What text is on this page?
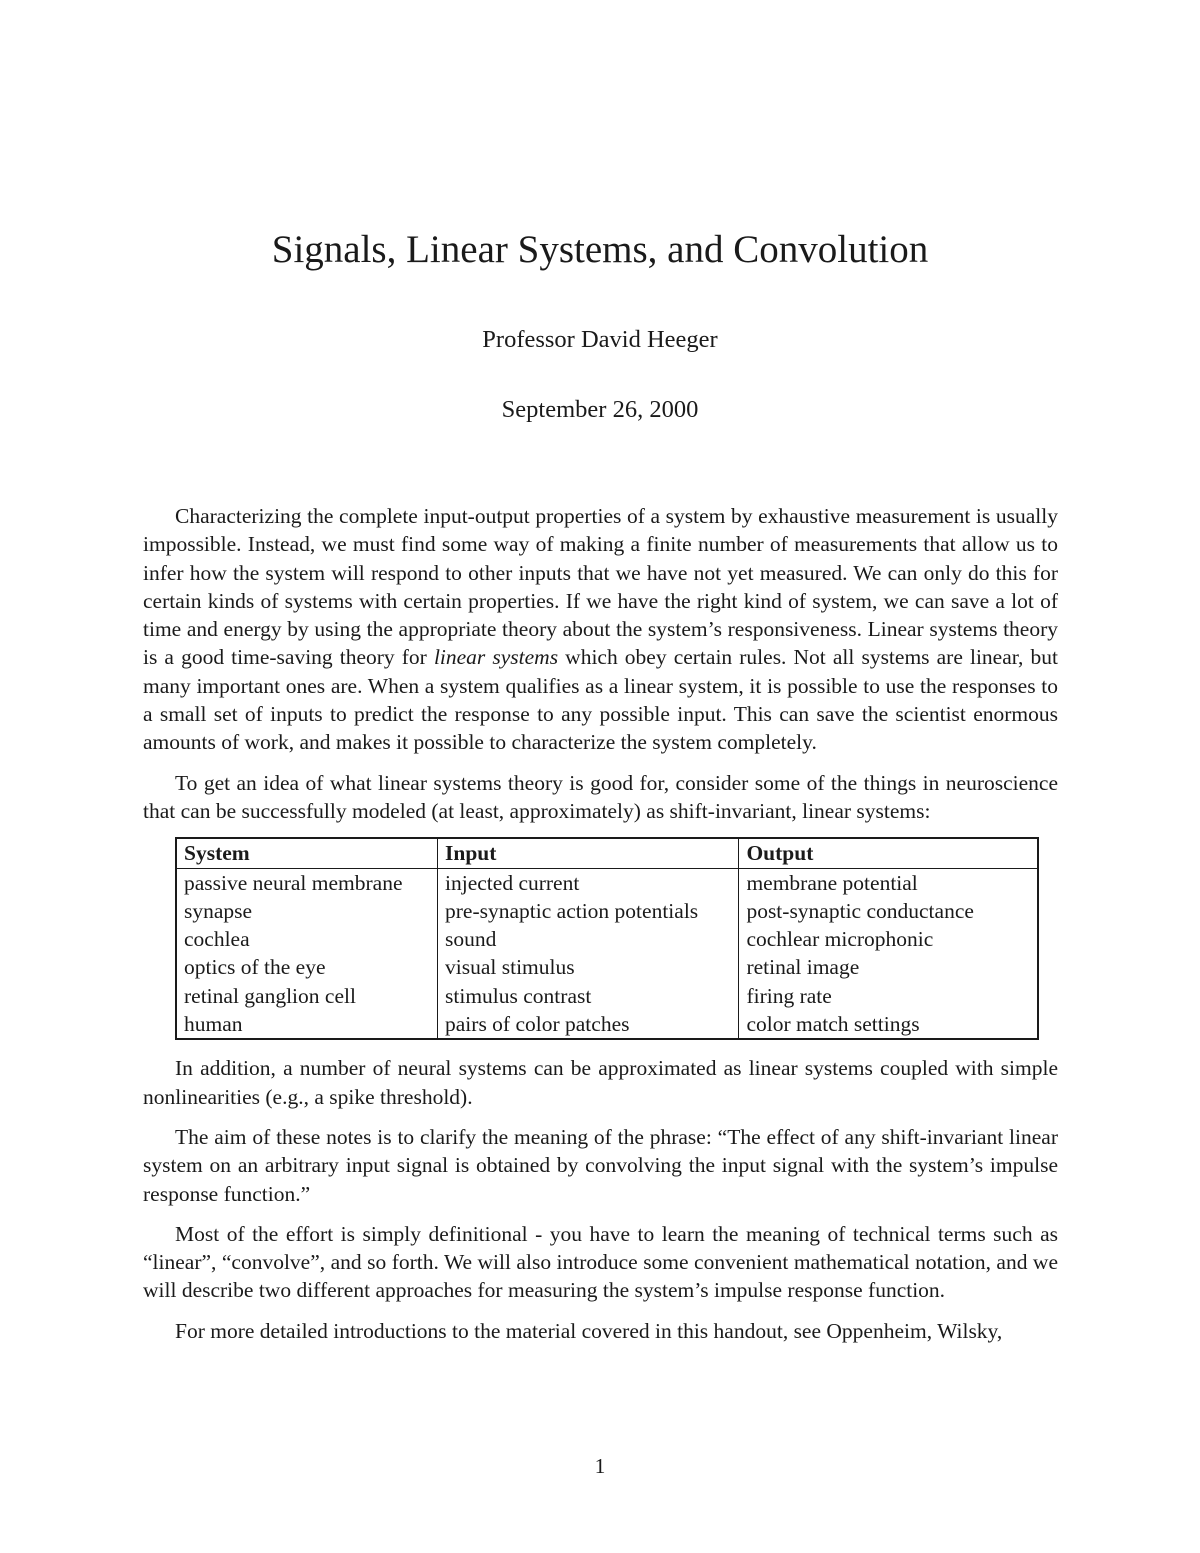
Signals, Linear Systems, and Convolution
Professor David Heeger
September 26, 2000

Characterizing the complete input-output properties of a system by exhaustive measurement is usually impossible. Instead, we must find some way of making a finite number of measurements that allow us to infer how the system will respond to other inputs that we have not yet measured. We can only do this for certain kinds of systems with certain properties. If we have the right kind of system, we can save a lot of time and energy by using the appropriate theory about the system’s responsiveness. Linear systems theory is a good time-saving theory for linear systems which obey certain rules. Not all systems are linear, but many important ones are. When a system qualifies as a linear system, it is possible to use the responses to a small set of inputs to predict the response to any possible input. This can save the scientist enormous amounts of work, and makes it possible to characterize the system completely.

To get an idea of what linear systems theory is good for, consider some of the things in neuroscience that can be successfully modeled (at least, approximately) as shift-invariant, linear systems:

System	Input	Output
passive neural membrane	injected current	membrane potential
synapse	pre-synaptic action potentials	post-synaptic conductance
cochlea	sound	cochlear microphonic
optics of the eye	visual stimulus	retinal image
retinal ganglion cell	stimulus contrast	firing rate
human	pairs of color patches	color match settings

In addition, a number of neural systems can be approximated as linear systems coupled with simple nonlinearities (e.g., a spike threshold).

The aim of these notes is to clarify the meaning of the phrase: “The effect of any shift-invariant linear system on an arbitrary input signal is obtained by convolving the input signal with the system’s impulse response function.”

Most of the effort is simply definitional - you have to learn the meaning of technical terms such as “linear”, “convolve”, and so forth. We will also introduce some convenient mathematical notation, and we will describe two different approaches for measuring the system’s impulse response function.

For more detailed introductions to the material covered in this handout, see Oppenheim, Wilsky,

1
